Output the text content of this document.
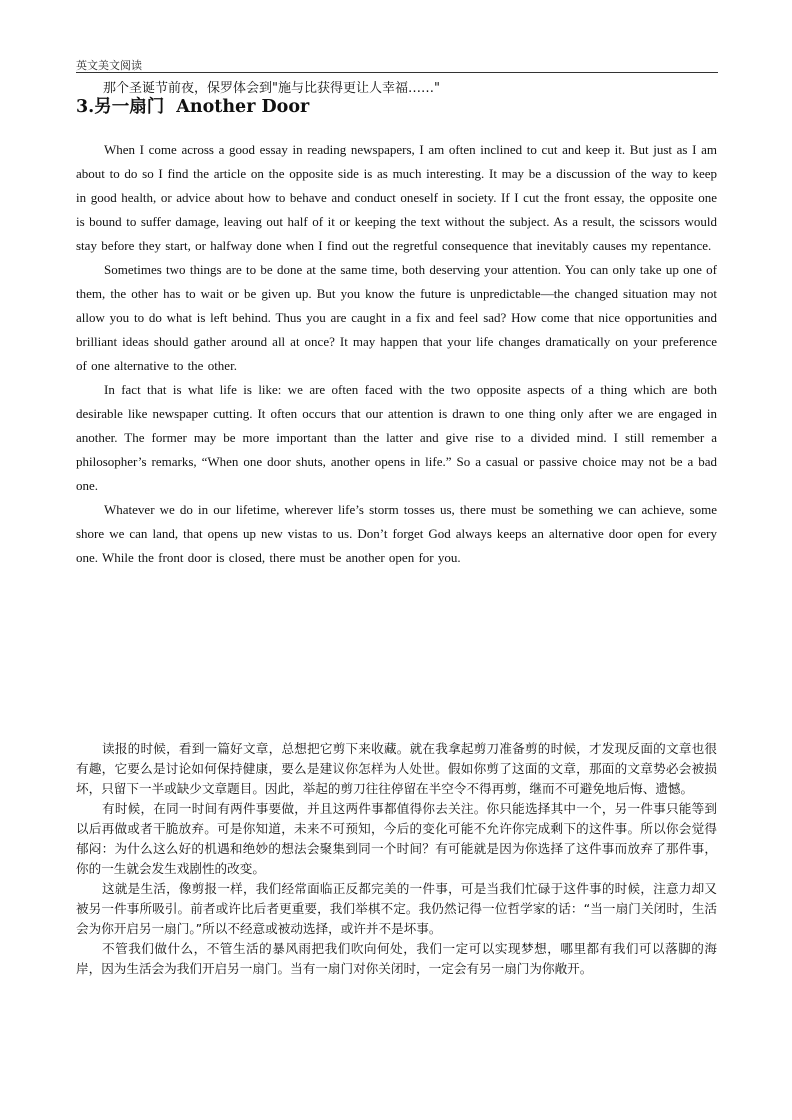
英文美文阅读
那个圣诞节前夜，保罗体会到"施与比获得更让人幸福……"
3.另一扇门 Another Door

When I come across a good essay in reading newspapers, I am often inclined to cut and keep it. But just as I am about to do so I find the article on the opposite side is as much interesting. It may be a discussion of the way to keep in good health, or advice about how to behave and conduct oneself in society. If I cut the front essay, the opposite one is bound to suffer damage, leaving out half of it or keeping the text without the subject. As a result, the scissors would stay before they start, or halfway done when I find out the regretful consequence that inevitably causes my repentance.

Sometimes two things are to be done at the same time, both deserving your attention. You can only take up one of them, the other has to wait or be given up. But you know the future is unpredictable—the changed situation may not allow you to do what is left behind. Thus you are caught in a fix and feel sad? How come that nice opportunities and brilliant ideas should gather around all at once? It may happen that your life changes dramatically on your preference of one alternative to the other.

In fact that is what life is like: we are often faced with the two opposite aspects of a thing which are both desirable like newspaper cutting. It often occurs that our attention is drawn to one thing only after we are engaged in another. The former may be more important than the latter and give rise to a divided mind. I still remember a philosopher’s remarks, “When one door shuts, another opens in life.” So a casual or passive choice may not be a bad one.

Whatever we do in our lifetime, wherever life’s storm tosses us, there must be something we can achieve, some shore we can land, that opens up new vistas to us. Don’t forget God always keeps an alternative door open for every one. While the front door is closed, there must be another open for you.

读报的时候，看到一篇好文章，总想把它剪下来收藏。就在我拿起剪刀准备剪的时候，才发现反面的文章也很有趣，它要么是讨论如何保持健康，要么是建议你怎样为人处世。假如你剪了这面的文章，那面的文章势必会被损坏，只留下一半或缺少文章题目。因此，举起的剪刀往往停留在半空令不得再剪，继而不可避免地后悔、遗憾。

有时候，在同一时间有两件事要做，并且这两件事都值得你去关注。你只能选择其中一个，另一件事只能等到以后再做或者干脆放弃。可是你知道，未来不可预知，今后的变化可能不允许你完成剩下的这件事。所以你会觉得郁闷：为什么这么好的机遇和绝妙的想法会聚集到同一个时间？有可能就是因为你选择了这件事而放弃了那件事，你的一生就会发生戏剧性的改变。

这就是生活，像剪报一样，我们经常面临正反都完美的一件事，可是当我们忙碌于这件事的时候，注意力却又被另一件事所吸引。前者或许比后者更重要，我们举棋不定。我仍然记得一位哲学家的话：“当一扇门关闭时，生活会为你开启另一扇门。”所以不经意或被动选择，或许并不是坏事。

不管我们做什么，不管生活的暴风雨把我们吹向何处，我们一定可以实现梦想，哪里都有我们可以落脚的海岸，因为生活会为我们开启另一扇门。当有一扇门对你关闭时，一定会有另一扇门为你敞开。
